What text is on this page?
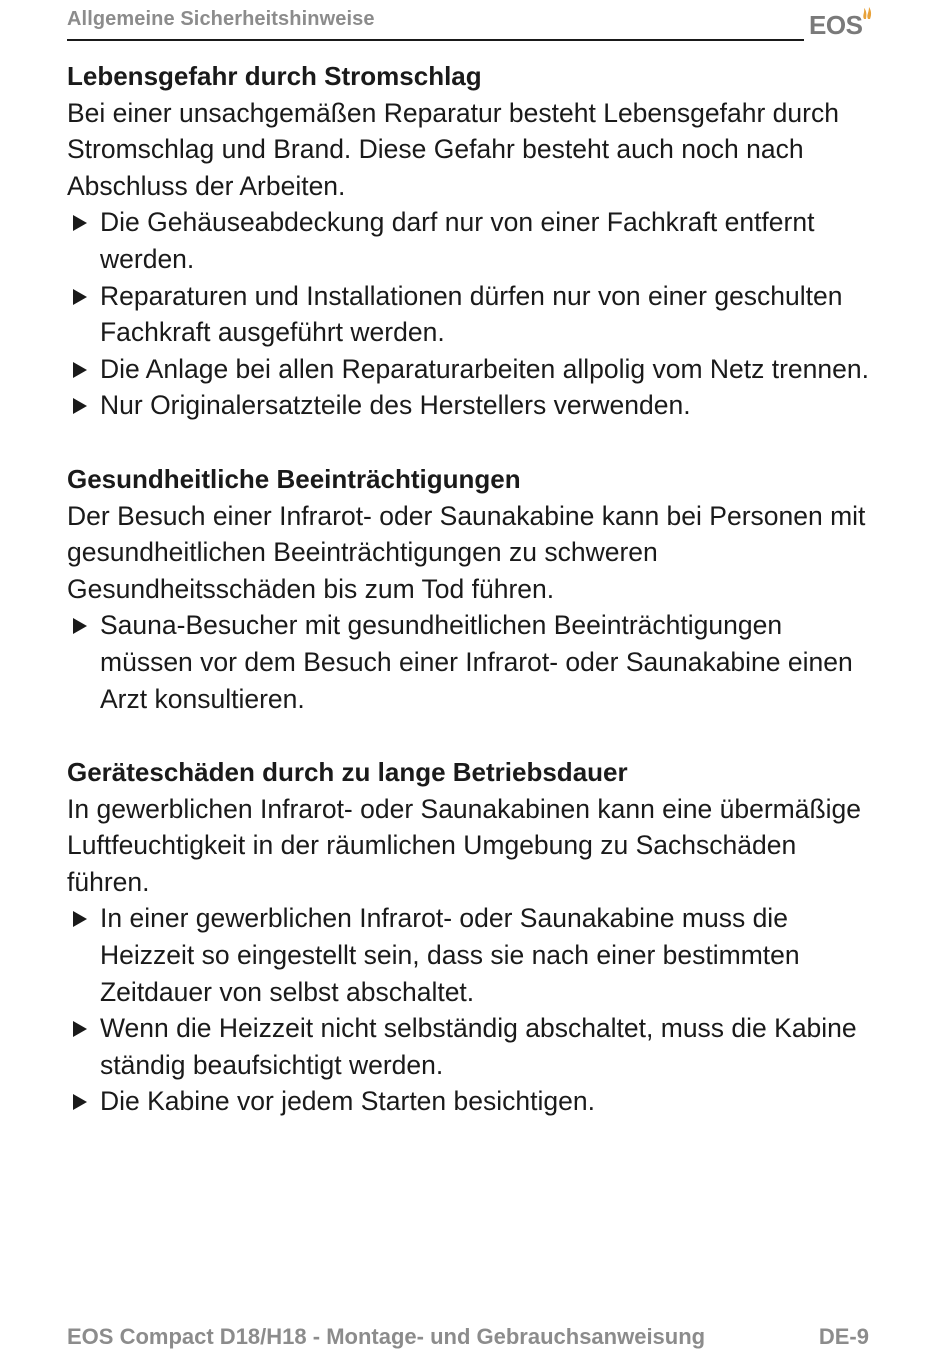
Allgemeine Sicherheitshinweise	EOS
Lebensgefahr durch Stromschlag

Bei einer unsachgemäßen Reparatur besteht Lebensgefahr durch Stromschlag und Brand. Diese Gefahr besteht auch noch nach Abschluss der Arbeiten.

Die Gehäuseabdeckung darf nur von einer Fachkraft entfernt werden.
Reparaturen und Installationen dürfen nur von einer geschulten Fachkraft ausgeführt werden.
Die Anlage bei allen Reparaturarbeiten allpolig vom Netz trennen.
Nur Originalersatzteile des Herstellers verwenden.
Gesundheitliche Beeinträchtigungen

Der Besuch einer Infrarot- oder Saunakabine kann bei Personen mit gesundheitlichen Beeinträchtigungen zu schweren Gesundheitsschäden bis zum Tod führen.

Sauna-Besucher mit gesundheitlichen Beeinträchtigungen müssen vor dem Besuch einer Infrarot- oder Saunakabine einen Arzt konsultieren.
Geräteschäden durch zu lange Betriebsdauer

In gewerblichen Infrarot- oder Saunakabinen kann eine übermäßige Luftfeuchtigkeit in der räumlichen Umgebung zu Sachschäden führen.

In einer gewerblichen Infrarot- oder Saunakabine muss die Heizzeit so eingestellt sein, dass sie nach einer bestimmten Zeitdauer von selbst abschaltet.
Wenn die Heizzeit nicht selbständig abschaltet, muss die Kabine ständig beaufsichtigt werden.
Die Kabine vor jedem Starten besichtigen.
EOS Compact D18/H18 - Montage- und Gebrauchsanweisung	DE-9
